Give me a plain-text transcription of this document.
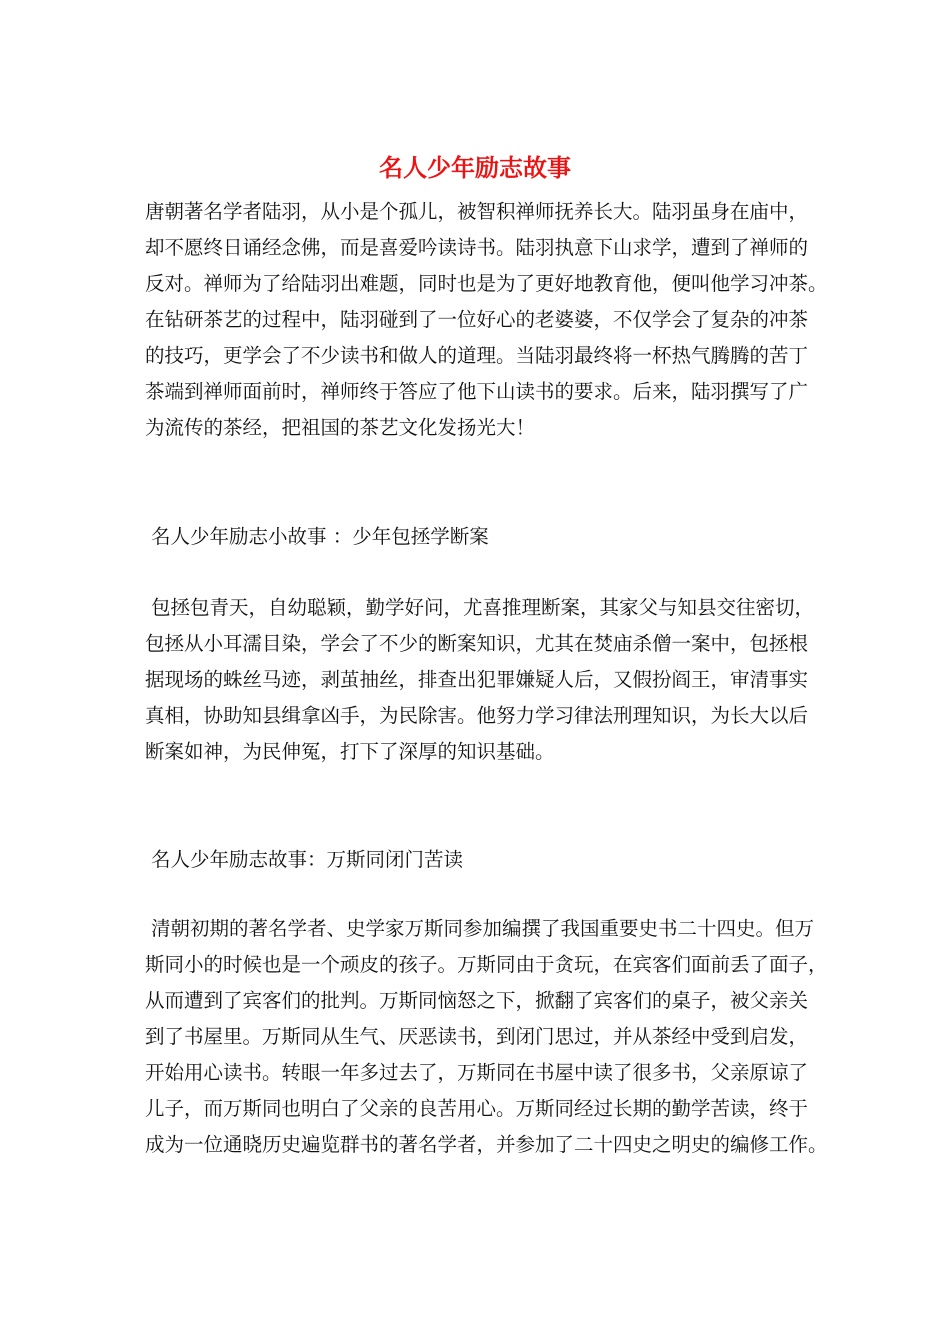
名人少年励志故事

唐朝著名学者陆羽，从小是个孤儿，被智积禅师抚养长大。陆羽虽身在庙中，

却不愿终日诵经念佛，而是喜爱吟读诗书。陆羽执意下山求学，遭到了禅师的

反对。禅师为了给陆羽出难题，同时也是为了更好地教育他，便叫他学习冲茶。

在钻研茶艺的过程中，陆羽碰到了一位好心的老婆婆，不仅学会了复杂的冲茶

的技巧，更学会了不少读书和做人的道理。当陆羽最终将一杯热气腾腾的苦丁

茶端到禅师面前时，禅师终于答应了他下山读书的要求。后来，陆羽撰写了广

为流传的茶经，把祖国的茶艺文化发扬光大！

名人少年励志小故事 ：少年包拯学断案

包拯包青天，自幼聪颖，勤学好问，尤喜推理断案，其家父与知县交往密切，

包拯从小耳濡目染，学会了不少的断案知识，尤其在焚庙杀僧一案中，包拯根

据现场的蛛丝马迹，剥茧抽丝，排查出犯罪嫌疑人后，又假扮阎王，审清事实

真相，协助知县缉拿凶手，为民除害。他努力学习律法刑理知识，为长大以后

断案如神，为民伸冤，打下了深厚的知识基础。

名人少年励志故事：万斯同闭门苦读

清朝初期的著名学者、史学家万斯同参加编撰了我国重要史书二十四史。但万

斯同小的时候也是一个顽皮的孩子。万斯同由于贪玩，在宾客们面前丢了面子，

从而遭到了宾客们的批判。万斯同恼怒之下，掀翻了宾客们的桌子，被父亲关

到了书屋里。万斯同从生气、厌恶读书，到闭门思过，并从茶经中受到启发，

开始用心读书。转眼一年多过去了，万斯同在书屋中读了很多书，父亲原谅了

儿子，而万斯同也明白了父亲的良苦用心。万斯同经过长期的勤学苦读，终于

成为一位通晓历史遍览群书的著名学者，并参加了二十四史之明史的编修工作。
